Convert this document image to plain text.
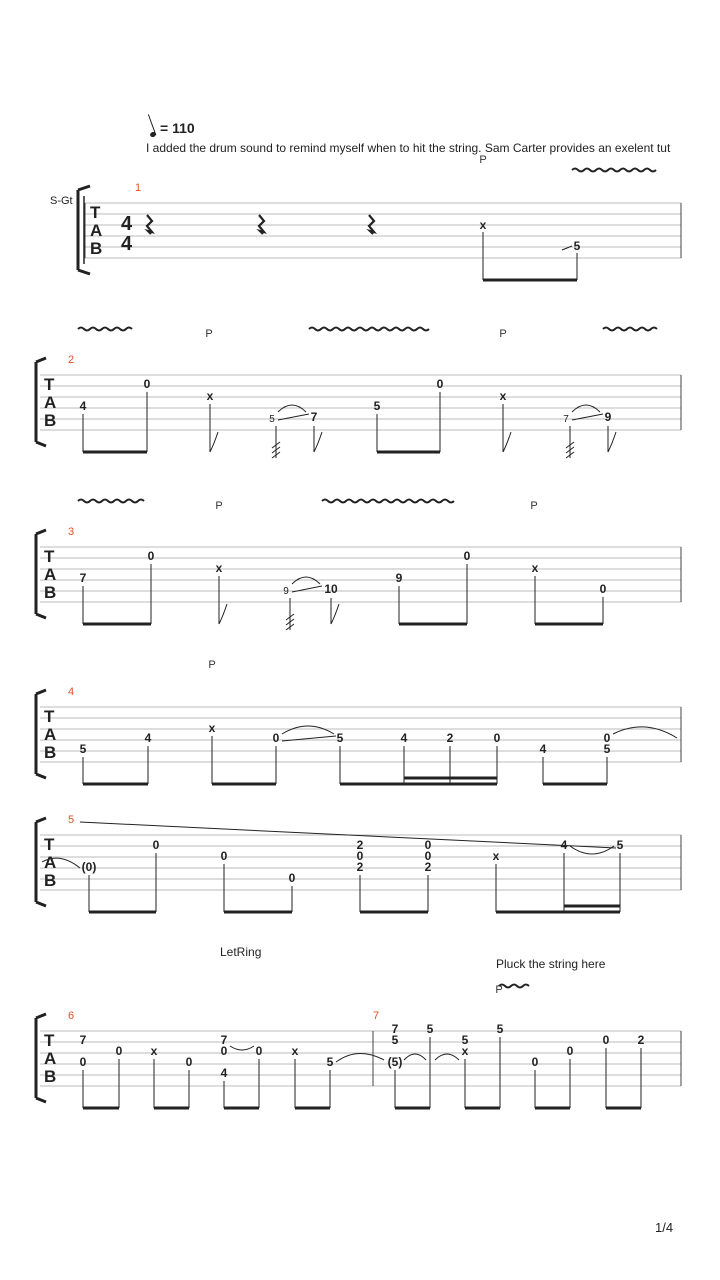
= 110
I added the drum sound to remind myself when to hit the string. Sam Carter provides an exelent tut
S-Gt
LetRing
Pluck the string here
1/4
1
T
A
B
4
4
P
x
5
2
T
A
B
P	P
4
0
x
5	7
5
0
x
7	9
3
T
A
B
P	P
7
0
x
9	10
9
0
x
0
4
T
A
B
P
5
4
x
0	5	4	2	0
4	5
0
5
T
A
B
(0)
0
0
0
2
0
2
0
0
2
x
4	5
6	7
T
A
B
P
7
0
0 x
0
7
0
4
0 x
5
7
5
(5)
5
5
x
5
0
0
0 2
